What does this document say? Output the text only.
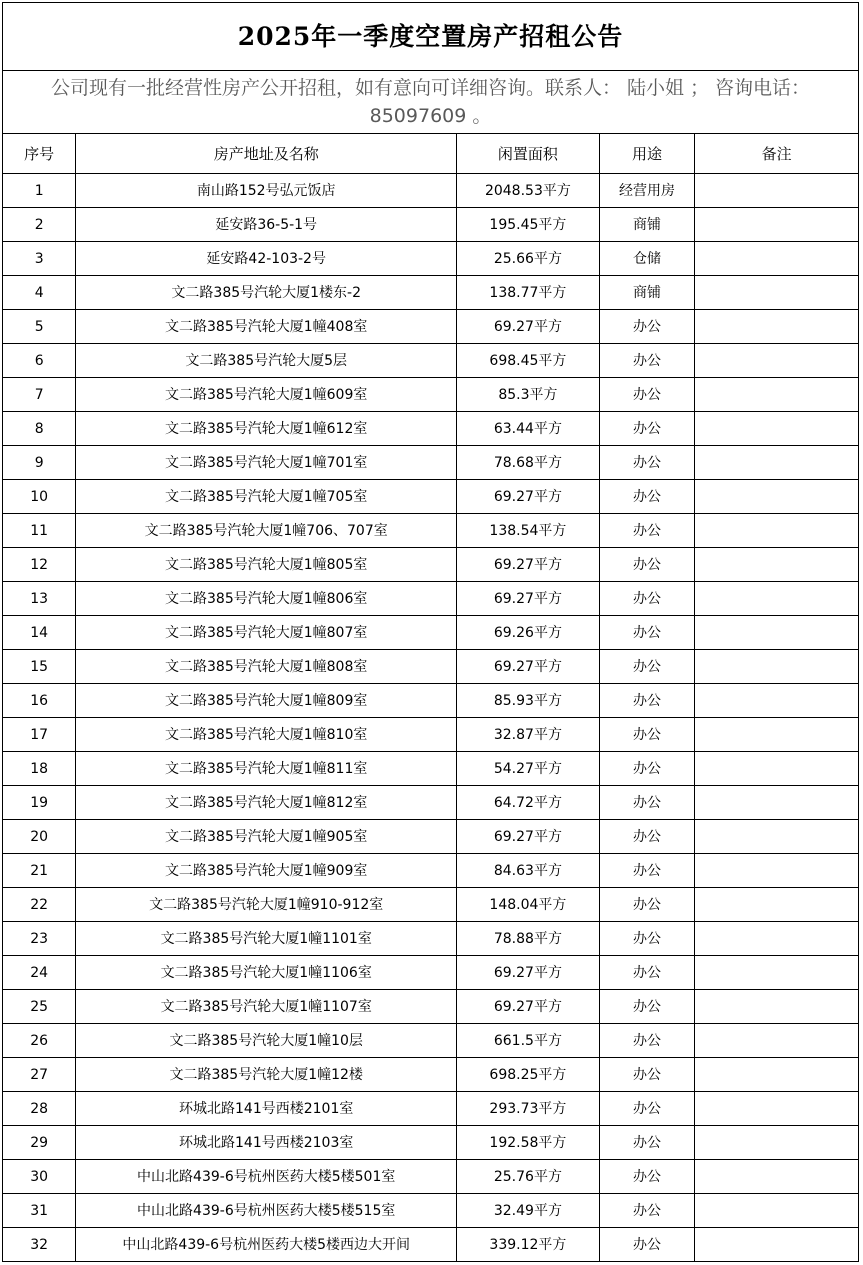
2025年一季度空置房产招租公告				
公司现有一批经营性房产公开招租，如有意向可详细咨询。联系人： 陆小姐 ； 咨询电话：85097609 。				
序号	房产地址及名称	闲置面积	用途	备注
1	南山路152号弘元饭店	2048.53平方	经营用房	
2	延安路36-5-1号	195.45平方	商铺	
3	延安路42-103-2号	25.66平方	仓储	
4	文二路385号汽轮大厦1楼东-2	138.77平方	商铺	
5	文二路385号汽轮大厦1幢408室	69.27平方	办公	
6	文二路385号汽轮大厦5层	698.45平方	办公	
7	文二路385号汽轮大厦1幢609室	85.3平方	办公	
8	文二路385号汽轮大厦1幢612室	63.44平方	办公	
9	文二路385号汽轮大厦1幢701室	78.68平方	办公	
10	文二路385号汽轮大厦1幢705室	69.27平方	办公	
11	文二路385号汽轮大厦1幢706、707室	138.54平方	办公	
12	文二路385号汽轮大厦1幢805室	69.27平方	办公	
13	文二路385号汽轮大厦1幢806室	69.27平方	办公	
14	文二路385号汽轮大厦1幢807室	69.26平方	办公	
15	文二路385号汽轮大厦1幢808室	69.27平方	办公	
16	文二路385号汽轮大厦1幢809室	85.93平方	办公	
17	文二路385号汽轮大厦1幢810室	32.87平方	办公	
18	文二路385号汽轮大厦1幢811室	54.27平方	办公	
19	文二路385号汽轮大厦1幢812室	64.72平方	办公	
20	文二路385号汽轮大厦1幢905室	69.27平方	办公	
21	文二路385号汽轮大厦1幢909室	84.63平方	办公	
22	文二路385号汽轮大厦1幢910-912室	148.04平方	办公	
23	文二路385号汽轮大厦1幢1101室	78.88平方	办公	
24	文二路385号汽轮大厦1幢1106室	69.27平方	办公	
25	文二路385号汽轮大厦1幢1107室	69.27平方	办公	
26	文二路385号汽轮大厦1幢10层	661.5平方	办公	
27	文二路385号汽轮大厦1幢12楼	698.25平方	办公	
28	环城北路141号西楼2101室	293.73平方	办公	
29	环城北路141号西楼2103室	192.58平方	办公	
30	中山北路439-6号杭州医药大楼5楼501室	25.76平方	办公	
31	中山北路439-6号杭州医药大楼5楼515室	32.49平方	办公	
32	中山北路439-6号杭州医药大楼5楼西边大开间	339.12平方	办公	
